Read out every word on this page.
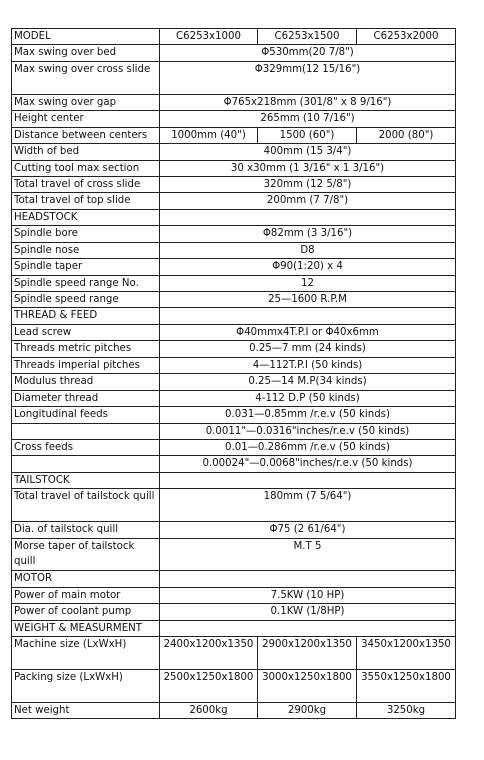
MODEL	C6253x1000	C6253x1500	C6253x2000
Max swing over bed	Φ530mm(20 7/8")		
Max swing over cross slide	Φ329mm(12 15/16")		
Max swing over gap	Φ765x218mm (301/8" x 8 9/16")		
Height center	265mm (10 7/16")		
Distance between centers	1000mm (40")	1500 (60")	2000 (80")
Width of bed	400mm (15 3/4")		
Cutting tool max section	30 x30mm (1 3/16" x 1 3/16")		
Total travel of cross slide	320mm (12 5/8")		
Total travel of top slide	200mm (7 7/8")		
HEADSTOCK			
Spindle bore	Φ82mm (3 3/16")		
Spindle nose	D8		
Spindle taper	Φ90(1:20) x 4		
Spindle speed range No.	12		
Spindle speed range	25—1600 R.P.M		
THREAD & FEED			
Lead screw	Φ40mmx4T.P.I or Φ40x6mm		
Threads metric pitches	0.25—7 mm (24 kinds)		
Threads imperial pitches	4—112T.P.I (50 kinds)		
Modulus thread	0.25—14 M.P(34 kinds)		
Diameter thread	4-112 D.P (50 kinds)		
Longitudinal feeds	0.031—0.85mm /r.e.v (50 kinds)		
	0.0011"—0.0316"inches/r.e.v (50 kinds)		
Cross feeds	0.01—0.286mm /r.e.v (50 kinds)		
	0.00024"—0.0068"inches/r.e.v (50 kinds)		
TAILSTOCK			
Total travel of tailstock quill	180mm (7 5/64")		
Dia. of tailstock quill	Φ75 (2 61/64")		
Morse taper of tailstock quill	M.T 5		
MOTOR			
Power of main motor	7.5KW (10 HP)		
Power of coolant pump	0.1KW (1/8HP)		
WEIGHT & MEASURMENT			
Machine size (LxWxH)	2400x1200x1350	2900x1200x1350	3450x1200x1350
Packing size (LxWxH)	2500x1250x1800	3000x1250x1800	3550x1250x1800
Net weight	2600kg	2900kg	3250kg
